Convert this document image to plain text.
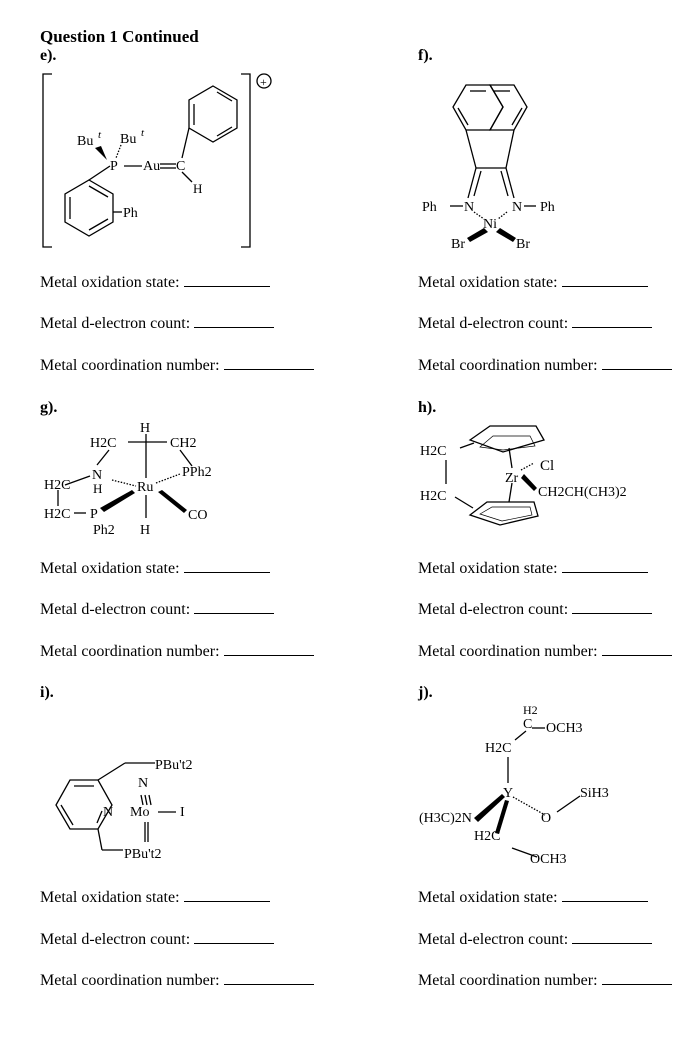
Question 1 Continued
e).	f).
g).	h).
i).	j).
+
Bu t Bu t
P Au C
H
Ph	Ph N
Ni
N Ph
Br	Br
H
H2C	CH2
N
H Ru
PPh2
H2C
H2C P
Ph2 H
CO
H2C
H2C
Zr
Cl
CH2CH(CH3)2
PBu't2
N
N Mo I
PBu't2
H2
C OCH3
H2C
Y	SiH3
(H3C)2N	O
H2C
OCH3
Metal oxidation state:
Metal d-electron count:
Metal coordination number:
Metal oxidation state:
Metal d-electron count:
Metal coordination number:
Metal oxidation state:
Metal d-electron count:
Metal coordination number:
Metal oxidation state:
Metal d-electron count:
Metal coordination number:
Metal oxidation state:
Metal d-electron count:
Metal coordination number:
Metal oxidation state:
Metal d-electron count:
Metal coordination number:
